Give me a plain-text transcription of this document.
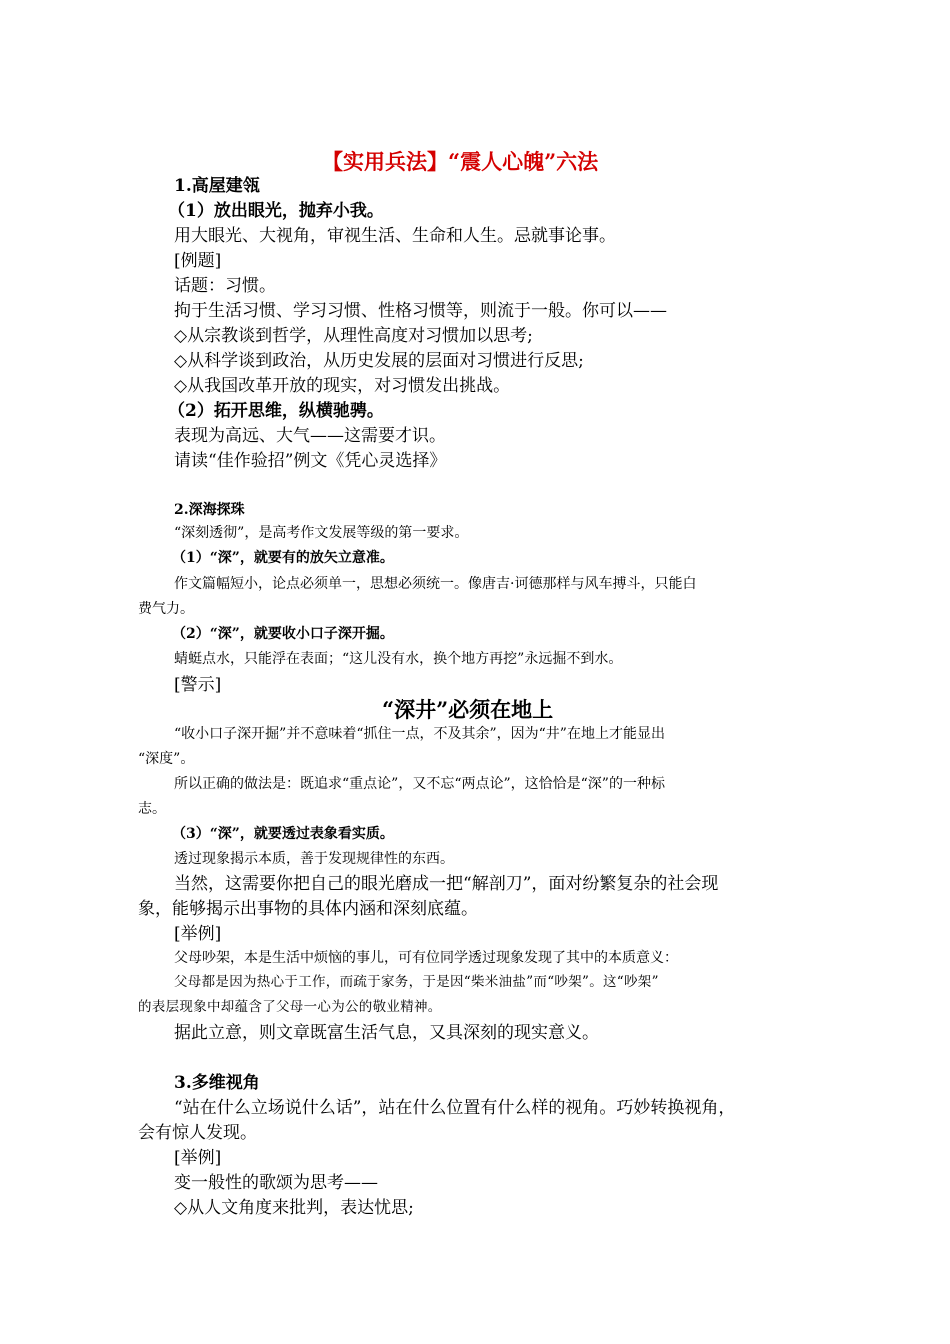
【实用兵法】“震人心魄”六法
1.高屋建瓴
（1）放出眼光，抛弃小我。
用大眼光、大视角，审视生活、生命和人生。忌就事论事。
[例题]
话题：习惯。
拘于生活习惯、学习习惯、性格习惯等，则流于一般。你可以——
◇从宗教谈到哲学，从理性高度对习惯加以思考;
◇从科学谈到政治，从历史发展的层面对习惯进行反思;
◇从我国改革开放的现实，对习惯发出挑战。
（2）拓开思维，纵横驰骋。
表现为高远、大气——这需要才识。
请读“佳作验招”例文《凭心灵选择》
2.深海探珠
“深刻透彻”，是高考作文发展等级的第一要求。
（1）“深”，就要有的放矢立意准。
作文篇幅短小，论点必须单一，思想必须统一。像唐吉·诃德那样与风车搏斗，只能白
费气力。
（2）“深”，就要收小口子深开掘。
蜻蜓点水，只能浮在表面；“这儿没有水，换个地方再挖”永远掘不到水。
[警示]
“深井”必须在地上
“收小口子深开掘”并不意味着“抓住一点，不及其余”，因为“井”在地上才能显出
“深度”。
所以正确的做法是：既追求“重点论”，又不忘“两点论”，这恰恰是“深”的一种标
志。
（3）“深”，就要透过表象看实质。
透过现象揭示本质，善于发现规律性的东西。
当然，这需要你把自己的眼光磨成一把“解剖刀”，面对纷繁复杂的社会现
象，能够揭示出事物的具体内涵和深刻底蕴。
[举例]
父母吵架，本是生活中烦恼的事儿，可有位同学透过现象发现了其中的本质意义：
父母都是因为热心于工作，而疏于家务，于是因“柴米油盐”而“吵架”。这“吵架”
的表层现象中却蕴含了父母一心为公的敬业精神。
据此立意，则文章既富生活气息，又具深刻的现实意义。
3.多维视角
“站在什么立场说什么话”，站在什么位置有什么样的视角。巧妙转换视角，
会有惊人发现。
[举例]
变一般性的歌颂为思考——
◇从人文角度来批判，表达忧思;
